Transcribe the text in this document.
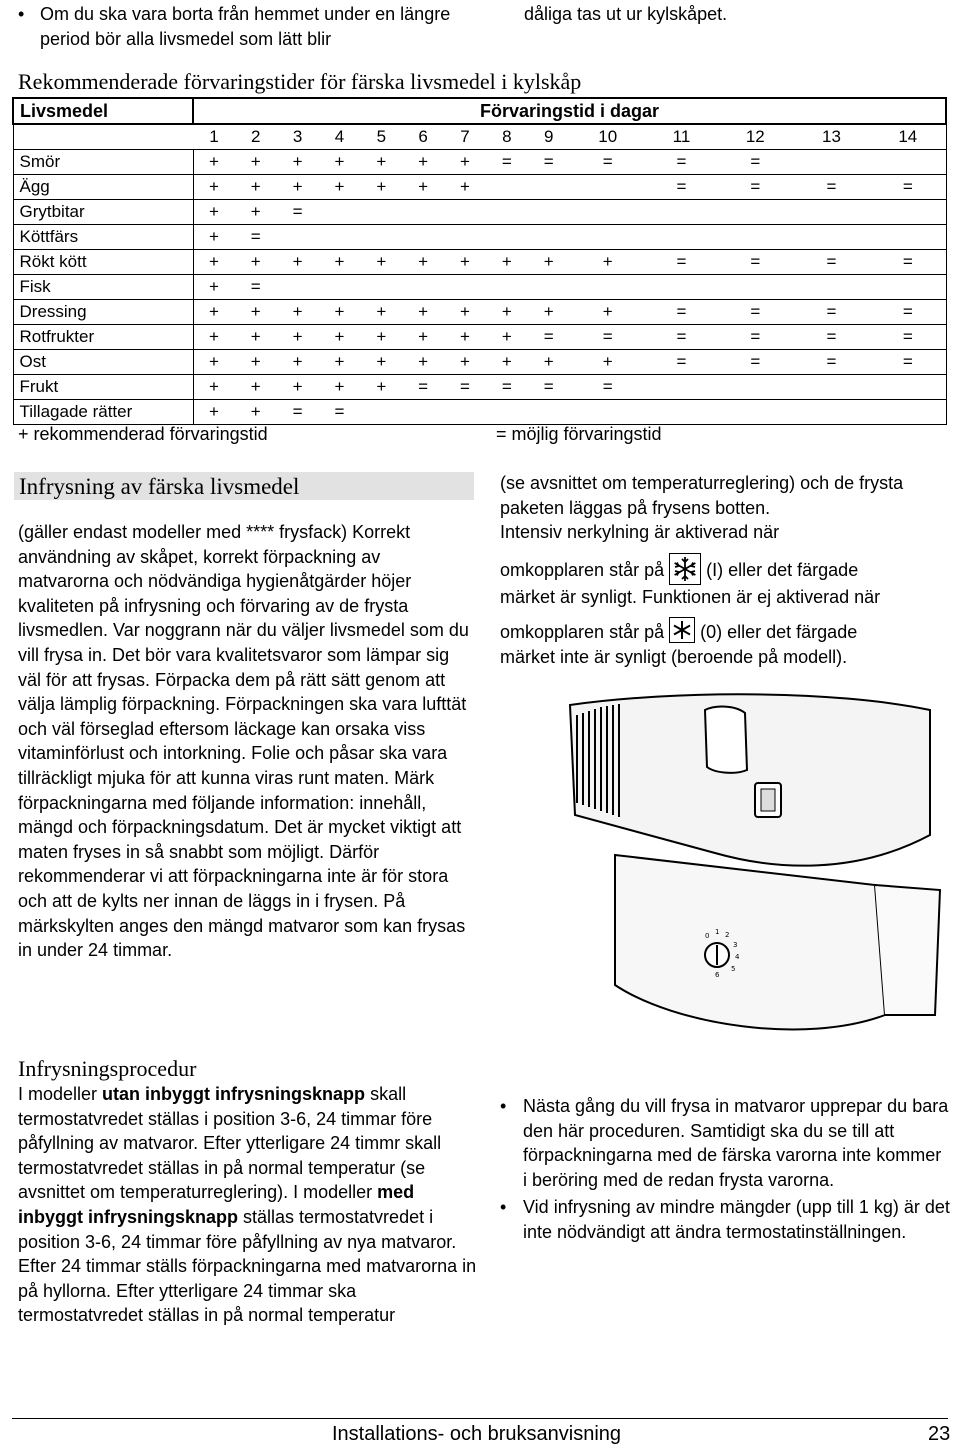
• Om du ska vara borta från hemmet under en längre period bör alla livsmedel som lätt blir
dåliga tas ut ur kylskåpet.
Rekommenderade förvaringstider för färska livsmedel i kylskåp
Livsmedel	Förvaringstid i dagar													
	1	2	3	4	5	6	7	8	9	10	11	12	13	14
Smör	+	+	+	+	+	+	+	=	=	=	=	=		
Ägg	+	+	+	+	+	+	+				=	=	=	=
Grytbitar	+	+	=											
Köttfärs	+	=												
Rökt kött	+	+	+	+	+	+	+	+	+	+	=	=	=	=
Fisk	+	=												
Dressing	+	+	+	+	+	+	+	+	+	+	=	=	=	=
Rotfrukter	+	+	+	+	+	+	+	+	=	=	=	=	=	=
Ost	+	+	+	+	+	+	+	+	+	+	=	=	=	=
Frukt	+	+	+	+	+	=	=	=	=	=				
Tillagade rätter	+	+	=	=										
+ rekommenderad förvaringstid	= möjlig förvaringstid
Infrysning av färska livsmedel
(gäller endast modeller med **** frysfack) Korrekt användning av skåpet, korrekt förpackning av matvarorna och nödvändiga hygienåtgärder höjer kvaliteten på infrysning och förvaring av de frysta livsmedlen. Var noggrann när du väljer livsmedel som du vill frysa in. Det bör vara kvalitetsvaror som lämpar sig väl för att frysas. Förpacka dem på rätt sätt genom att välja lämplig förpackning. Förpackningen ska vara lufttät och väl förseglad eftersom läckage kan orsaka viss vitaminförlust och intorkning. Folie och påsar ska vara tillräckligt mjuka för att kunna viras runt maten. Märk förpackningarna med följande information: innehåll, mängd och förpackningsdatum. Det är mycket viktigt att maten fryses in så snabbt som möjligt. Därför rekommenderar vi att förpackningarna inte är för stora och att de kylts ner innan de läggs in i frysen. På märkskylten anges den mängd matvaror som kan frysas in under 24 timmar.
(se avsnittet om temperaturreglering) och de frysta paketen läggas på frysens botten.
Intensiv nerkylning är aktiverad när
omkopplaren står på (I) eller det färgade
märket är synligt. Funktionen är ej aktiverad när
omkopplaren står på (0) eller det färgade
märket inte är synligt (beroende på modell).
0 1 2
3
4
5
6
Infrysningsprocedur
I modeller utan inbyggt infrysningsknapp skall termostatvredet ställas i position 3-6, 24 timmar före påfyllning av matvaror. Efter ytterligare 24 timmr skall termostatvredet ställas in på normal temperatur (se avsnittet om temperaturreglering). I modeller med inbyggt infrysningsknapp ställas termostatvredet i position 3-6, 24 timmar före påfyllning av nya matvaror. Efter 24 timmar ställs förpackningarna med matvarorna in på hyllorna. Efter ytterligare 24 timmar ska termostatvredet ställas in på normal temperatur
• Nästa gång du vill frysa in matvaror upprepar du bara den här proceduren. Samtidigt ska du se till att förpackningarna med de färska varorna inte kommer i beröring med de redan frysta varorna.
• Vid infrysning av mindre mängder (upp till 1 kg) är det inte nödvändigt att ändra termostatinställningen.
Installations- och bruksanvisning	23
